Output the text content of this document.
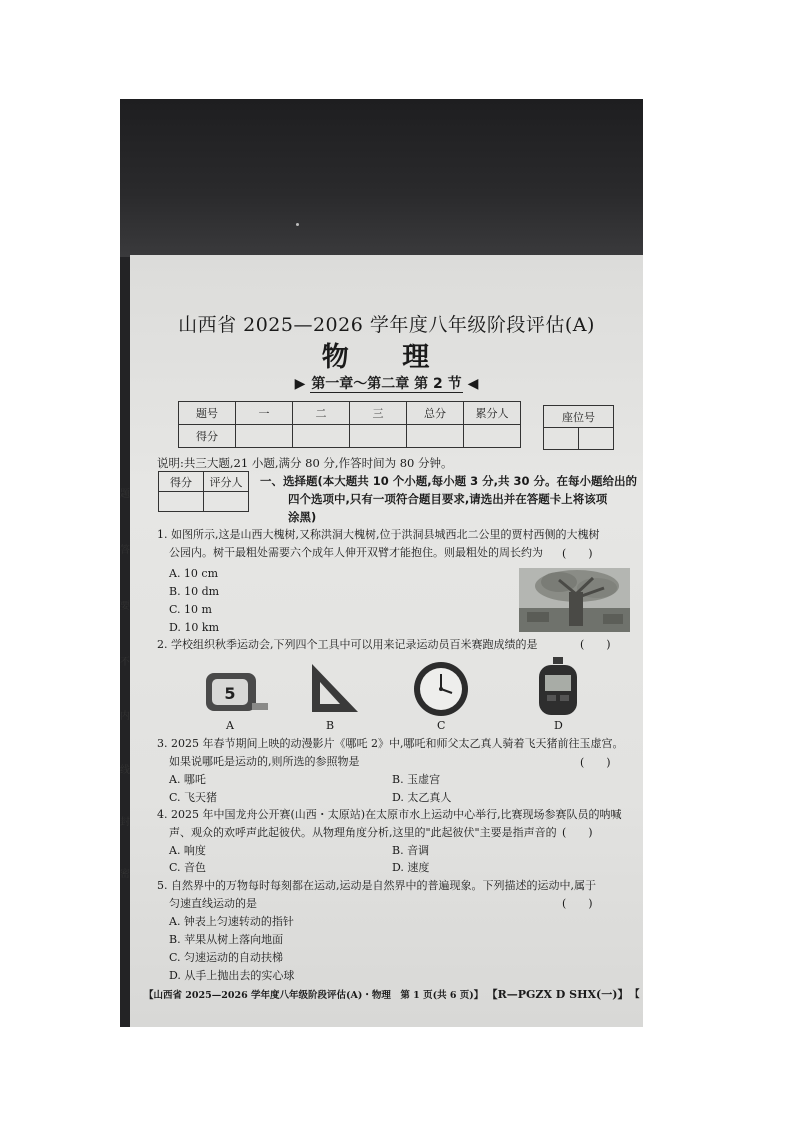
题
答
要
不
内
线
封
密
山西省 2025—2026 学年度八年级阶段评估(A)
物 理
▶ 第一章～第二章 第 2 节 ◀
题号	一	二	三	总分	累分人
得分					
座位号

说明:共三大题,21 小题,满分 80 分,作答时间为 80 分钟。
得分	评分人
	一、选择题(本大题共 10 个小题,每小题 3 分,共 30 分。在每小题给出的
四个选项中,只有一项符合题目要求,请选出并在答题卡上将该项
涂黑)
1. 如图所示,这是山西大槐树,又称洪洞大槐树,位于洪洞县城西北二公里的贾村西侧的大槐树
公园内。树干最粗处需要六个成年人伸开双臂才能抱住。则最粗处的周长约为	(　　)
A. 10 cm
B. 10 dm
C. 10 m
D. 10 km
2. 学校组织秋季运动会,下列四个工具中可以用来记录运动员百米赛跑成绩的是	(　　)
5
A	B	C	D
3. 2025 年春节期间上映的动漫影片《哪吒 2》中,哪吒和师父太乙真人骑着飞天猪前往玉虚宫。
如果说哪吒是运动的,则所选的参照物是	(　　)
A. 哪吒	B. 玉虚宫
C. 飞天猪	D. 太乙真人
4. 2025 年中国龙舟公开赛(山西・太原站)在太原市水上运动中心举行,比赛现场参赛队员的呐喊
声、观众的欢呼声此起彼伏。从物理角度分析,这里的"此起彼伏"主要是指声音的 (　　)
A. 响度	B. 音调
C. 音色	D. 速度
5. 自然界中的万物每时每刻都在运动,运动是自然界中的普遍现象。下列描述的运动中,属于
匀速直线运动的是	(　　)
A. 钟表上匀速转动的指针
B. 苹果从树上落向地面
C. 匀速运动的自动扶梯
D. 从手上抛出去的实心球
【山西省 2025—2026 学年度八年级阶段评估(A)・物理　第 1 页(共 6 页)】 【R—PGZX D SHX(一)】 【
